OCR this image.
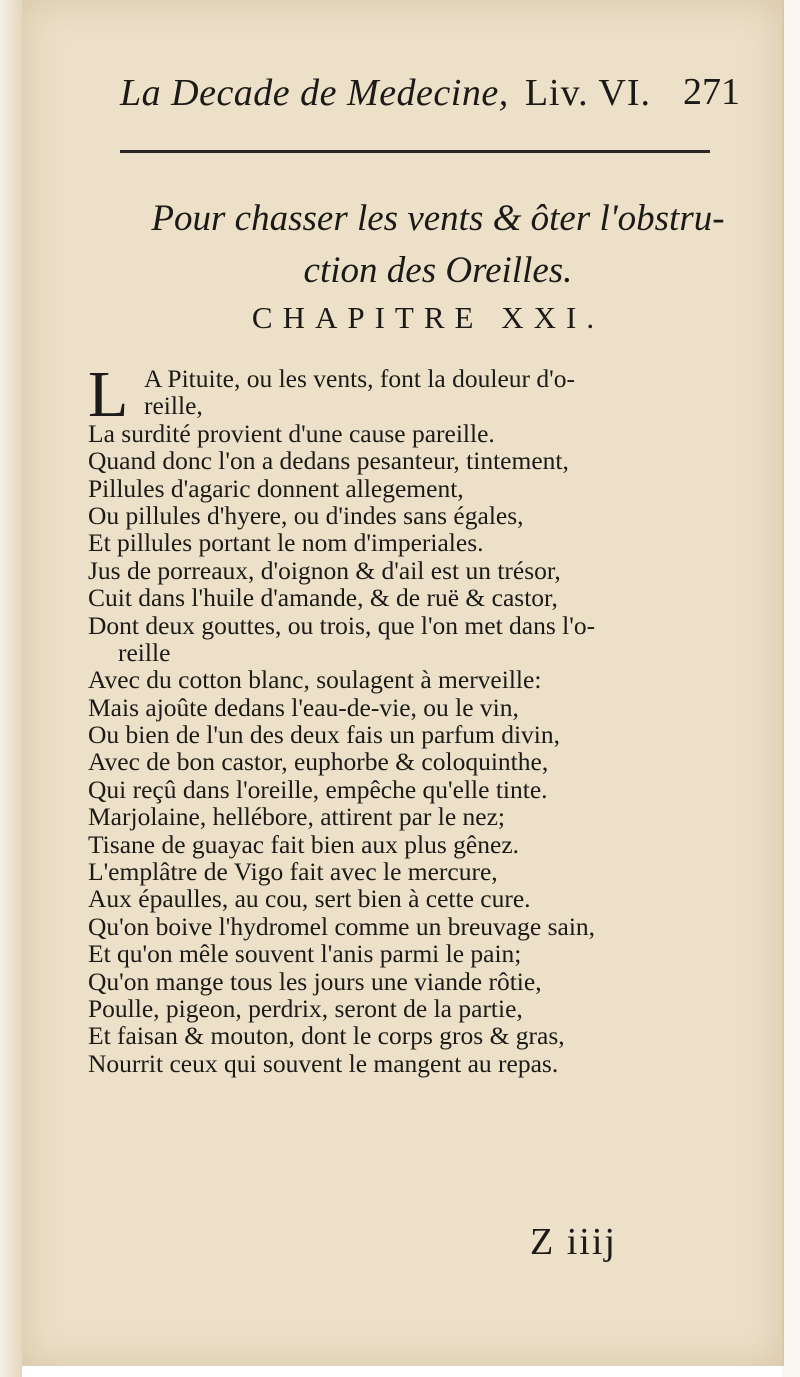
La Decade de Medecine, Liv. VI. 271
Pour chasser les vents & ôter l'obstru-
ction des Oreilles.
CHAPITRE XXI.
L A Pituite, ou les vents, font la douleur d'o-
reille,
La surdité provient d'une cause pareille.
Quand donc l'on a dedans pesanteur, tintement,
Pillules d'agaric donnent allegement,
Ou pillules d'hyere, ou d'indes sans égales,
Et pillules portant le nom d'imperiales.
Jus de porreaux, d'oignon & d'ail est un trésor,
Cuit dans l'huile d'amande, & de ruë & castor,
Dont deux gouttes, ou trois, que l'on met dans l'o-
reille
Avec du cotton blanc, soulagent à merveille:
Mais ajoûte dedans l'eau-de-vie, ou le vin,
Ou bien de l'un des deux fais un parfum divin,
Avec de bon castor, euphorbe & coloquinthe,
Qui reçû dans l'oreille, empêche qu'elle tinte.
Marjolaine, hellébore, attirent par le nez;
Tisane de guayac fait bien aux plus gênez.
L'emplâtre de Vigo fait avec le mercure,
Aux épaulles, au cou, sert bien à cette cure.
Qu'on boive l'hydromel comme un breuvage sain,
Et qu'on mêle souvent l'anis parmi le pain;
Qu'on mange tous les jours une viande rôtie,
Poulle, pigeon, perdrix, seront de la partie,
Et faisan & mouton, dont le corps gros & gras,
Nourrit ceux qui souvent le mangent au repas.
Z iiij
